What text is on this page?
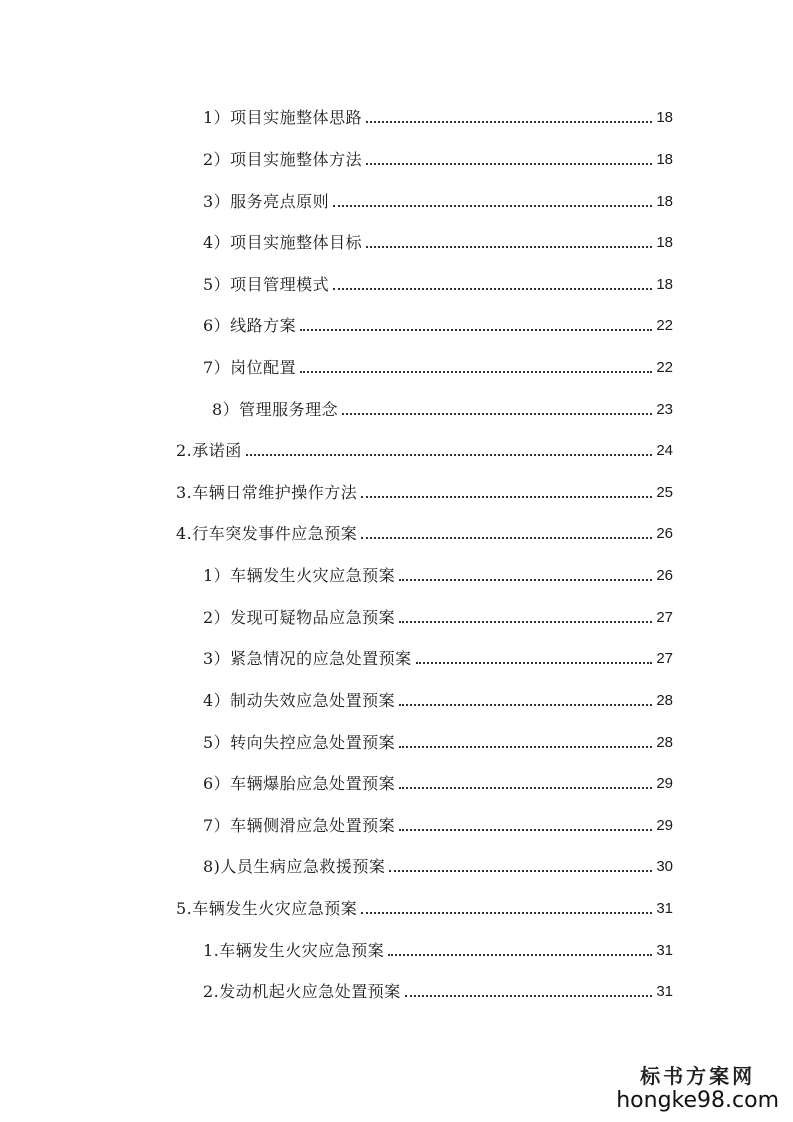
1）项目实施整体思路	18
2）项目实施整体方法	18
3）服务亮点原则	18
4）项目实施整体目标	18
5）项目管理模式	18
6）线路方案	22
7）岗位配置	22
8）管理服务理念	23
2.承诺函	24
3.车辆日常维护操作方法	25
4.行车突发事件应急预案	26
1）车辆发生火灾应急预案	26
2）发现可疑物品应急预案	27
3）紧急情况的应急处置预案	27
4）制动失效应急处置预案	28
5）转向失控应急处置预案	28
6）车辆爆胎应急处置预案	29
7）车辆侧滑应急处置预案	29
8)人员生病应急救援预案	30
5.车辆发生火灾应急预案	31
1.车辆发生火灾应急预案	31
2.发动机起火应急处置预案	31
标书方案网
hongke98.com
